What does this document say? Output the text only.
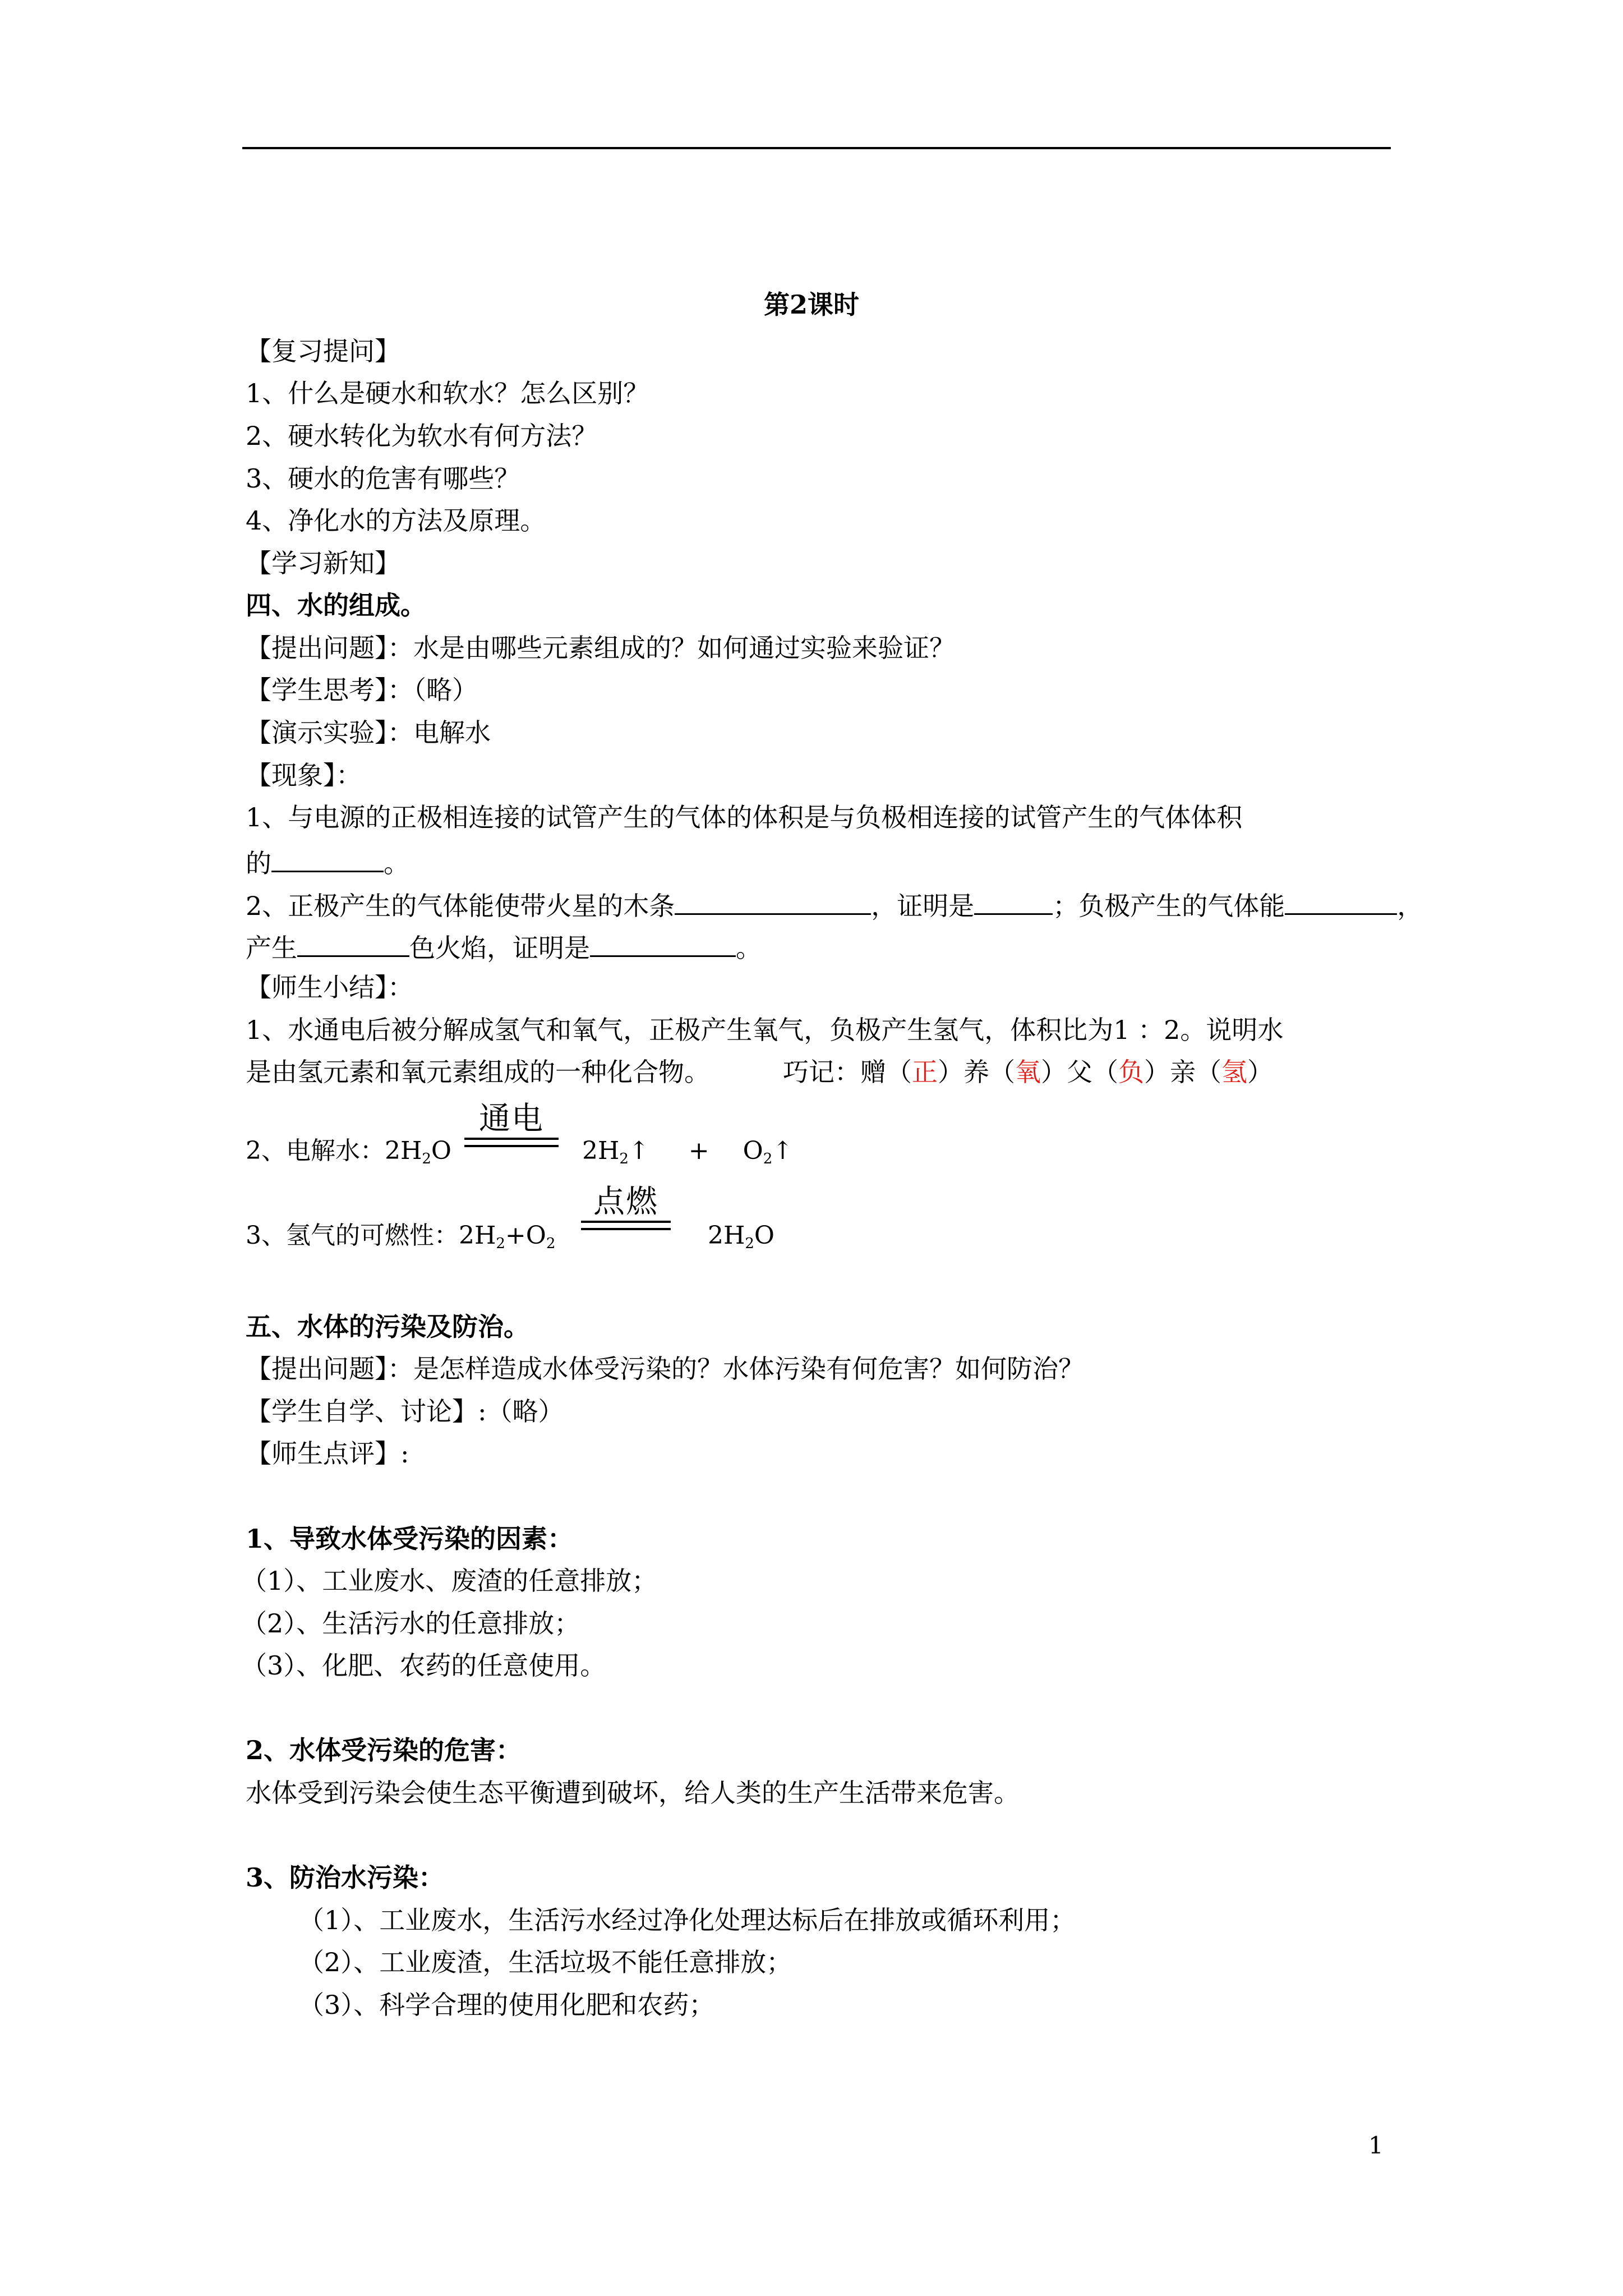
第2课时
【复习提问】
1、什么是硬水和软水？怎么区别？
2、硬水转化为软水有何方法？
3、硬水的危害有哪些？
4、净化水的方法及原理。
【学习新知】
四、水的组成。
【提出问题】：水是由哪些元素组成的？如何通过实验来验证？
【学生思考】：（略）
【演示实验】：电解水
【现象】：
1、与电源的正极相连接的试管产生的气体的体积是与负极相连接的试管产生的气体体积
的	。
2、正极产生的气体能使带火星的木条	，证明是	；负极产生的气体能	，
产生	色火焰，证明是	。
【师生小结】：
1、水通电后被分解成氢气和氧气，正极产生氧气，负极产生氢气，体积比为1 ：2。说明水
是由氢元素和氧元素组成的一种化合物。	巧记：赠（正）养（氧）父（负）亲（氢）
2、电解水：$2H_2O$
通电
$2H_2↑$ + $O_2↑$
3、氢气的可燃性：$2H_2+O_2$
点燃
$2H_2O$
五、水体的污染及防治。
【提出问题】：是怎样造成水体受污染的？水体污染有何危害？如何防治？
【学生自学、讨论】:（略）
【师生点评】:
1、导致水体受污染的因素：
（1）、工业废水、废渣的任意排放；
（2）、生活污水的任意排放；
（3）、化肥、农药的任意使用。
2、水体受污染的危害：
水体受到污染会使生态平衡遭到破坏，给人类的生产生活带来危害。
3、防治水污染：
（1）、工业废水，生活污水经过净化处理达标后在排放或循环利用；
（2）、工业废渣，生活垃圾不能任意排放；
（3）、科学合理的使用化肥和农药；
1
